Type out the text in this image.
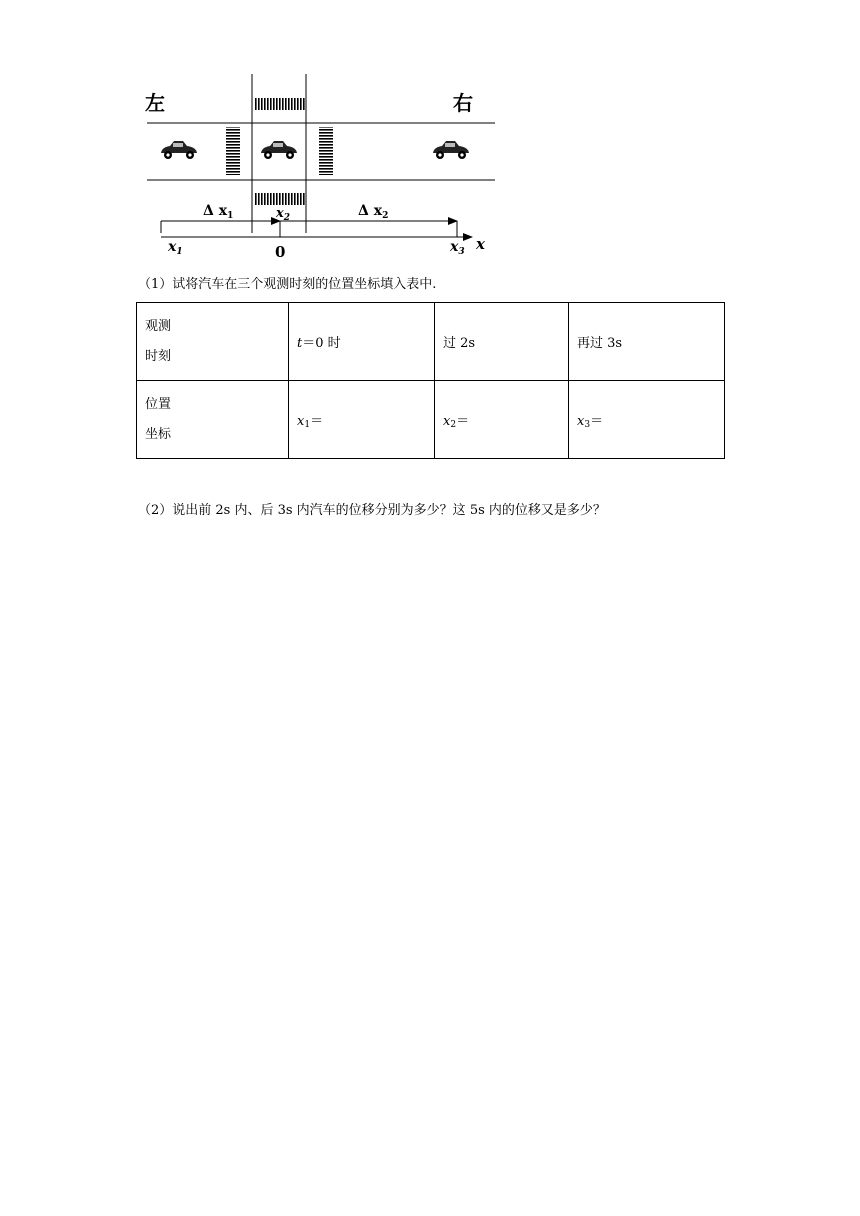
左	右
Δ $x_1$	Δ $x_2$
$x_2$
$x_1$	0	$x_3$ x
（1）试将汽车在三个观测时刻的位置坐标填入表中.
观测
时刻	t＝0 时	过 2s	再过 3s

位置
坐标	$x_1=$	$x_2=$	$x_3=$
（2）说出前 2s 内、后 3s 内汽车的位移分别为多少？这 5s 内的位移又是多少？
